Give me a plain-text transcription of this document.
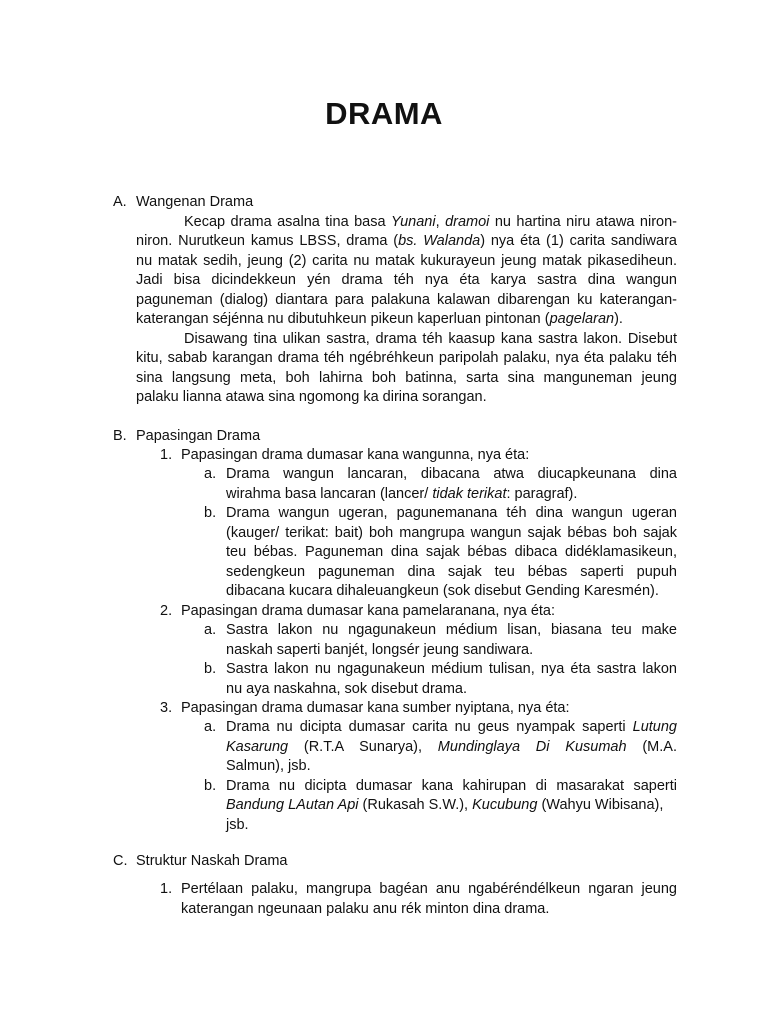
DRAMA
A. Wangenan Drama
Kecap drama asalna tina basa Yunani, dramoi nu hartina niru atawa niron-
niron. Nurutkeun kamus LBSS, drama (bs. Walanda) nya éta (1) carita sandiwara
nu matak sedih, jeung (2) carita nu matak kukurayeun jeung matak pikasedihеun.
Jadi bisa dicindekkeun yén drama téh nya éta karya sastra dina wangun
paguneman (dialog) diantara para palakuna kalawan dibarengan ku katerangan-
katerangan séjénna nu dibutuhkeun pikeun kaperluan pintonan (pagelaran).
Disawang tina ulikan sastra, drama téh kaasup kana sastra lakon. Disebut
kitu, sabab karangan drama téh ngébréhkeun paripolah palaku, nya éta palaku téh
sina langsung meta, boh lahirna boh batinna, sarta sina manguneman jeung
palaku lianna atawa sina ngomong ka dirina sorangan.
B. Papasingan Drama
1. Papasingan drama dumasar kana wangunna, nya éta:
a. Drama wangun lancaran, dibacana atwa diucapkeunana dina
wirahma basa lancaran (lancer/ tidak terikat: paragraf).
b. Drama wangun ugeran, pagunemanana téh dina wangun ugeran
(kauger/ terikat: bait) boh mangrupa wangun sajak bébas boh sajak
teu bébas. Paguneman dina sajak bébas dibaca didéklamasikeun,
sedengkeun paguneman dina sajak teu bébas saperti pupuh
dibacana kucara dihaleuangkeun (sok disebut Gending Karesmén).
2. Papasingan drama dumasar kana pamelaranana, nya éta:
a. Sastra lakon nu ngagunakeun médium lisan, biasana teu make
naskah saperti banjét, longsér jeung sandiwara.
b. Sastra lakon nu ngagunakeun médium tulisan, nya éta sastra lakon
nu aya naskahna, sok disebut drama.
3. Papasingan drama dumasar kana sumber nyiptana, nya éta:
a. Drama nu dicipta dumasar carita nu geus nyampak saperti Lutung
Kasarung (R.T.A Sunarya), Mundinglaya Di Kusumah (M.A.
Salmun), jsb.
b. Drama nu dicipta dumasar kana kahirupan di masarakat saperti
Bandung LAutan Api (Rukasah S.W.), Kucubung (Wahyu Wibisana),
jsb.
C. Struktur Naskah Drama
1. Pertélaan palaku, mangrupa bagéan anu ngabéréndélkeun ngaran jeung
katerangan ngeunaan palaku anu rék minton dina drama.
